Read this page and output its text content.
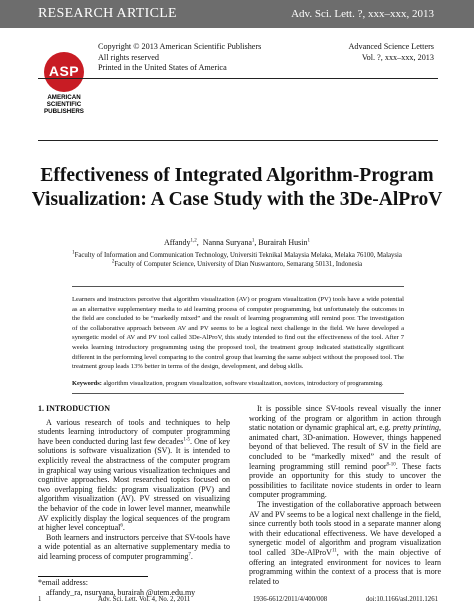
RESEARCH ARTICLE	Adv. Sci. Lett. ?, xxx–xxx, 2013
ASP
AMERICAN
SCIENTIFIC
PUBLISHERS
Copyright © 2013 American Scientific Publishers
All rights reserved
Printed in the United States of America
Advanced Science Letters
Vol. ?, xxx–xxx, 2013
Effectiveness of Integrated Algorithm-Program
Visualization: A Case Study with the 3De-AlProV
Affandy$^{1,2}$,  Nanna Suryana$^1$, Burairah Husin$^1$
$^1$Faculty of Information and Communication Technology, Universiti Teknikal Malaysia Melaka, Melaka 76100, Malaysia
$^2$Faculty of Computer Science, University of Dian Nuswantoro, Semarang 50131, Indonesia
Learners and instructors perceive that algorithm visualization (AV) or program visualization (PV) tools have a wide potential as an alternative supplementary media to aid learning process of computer programming, but unfortunately the outcomes in the field are concluded to be “markedly mixed” and the result of learning programming still remind poor. The investigation of the collaborative approach between AV and PV seems to be a logical next challenge in the field. We have developed a synergetic model of AV and PV tool called 3De-AlProV, this study intended to find out the effectiveness of the tool. After 7 weeks learning introductory programming using the proposed tool, the treatment group indicated statistically significant different in the performing level comparing to the control group that learning the same subject without the proposed tool. The treatment group leads 13% better in terms of the design, development, and debug skills.
Keywords: algorithm visualization, program visualization, software visualization, novices, introductory of programming.
1. INTRODUCTION

A various research of tools and techniques to help students learning introductory of computer programming have been conducted during last few decades$^{1-5}$. One of key solutions is software visualization (SV). It is intended to explicitly reveal the abstractness of the computer program in graphical way using various visualization techniques and cognitive approaches. Most researched topics focused on two overlapping fields: program visualization (PV) and algorithm visualization (AV). PV stressed on visualizing the behavior of the code in lower level manner, meanwhile AV explicitly display the logical sequences of the program at higher level conceptual$^6$.

Both learners and instructors perceive that SV-tools have a wide potential as an alternative supplementary media to aid learning process of computer programming$^7$.

It is possible since SV-tools reveal visually the inner working of the program or algorithm in action through static notation or dynamic graphical art, e.g. pretty printing, animated chart, 3D-animation. However, things happened beyond of that believed. The result of SV in the field are concluded to be “markedly mixed” and the result of learning programming still remind poor$^{8-10}$. These facts provide an opportunity for this study to uncover the possibilities to facilitate novice students in order to learn computer programming.

The investigation of the collaborative approach between AV and PV seems to be a logical next challenge in the field, since currently both tools stood in a separate manner along with their educational effectiveness. We have developed a synergetic model of algorithm and program visualization tool called 3De-AlProV$^{11}$, with the main objective of offering an integrated environment for novices to learn programming within the context of a process that is more related to

*email address:
affandy_ra, nsuryana, burairah @utem.edu.my
1	Adv. Sci. Lett. Vol. 4, No. 2, 2011	1936-6612/2011/4/400/008	doi:10.1166/asl.2011.1261
